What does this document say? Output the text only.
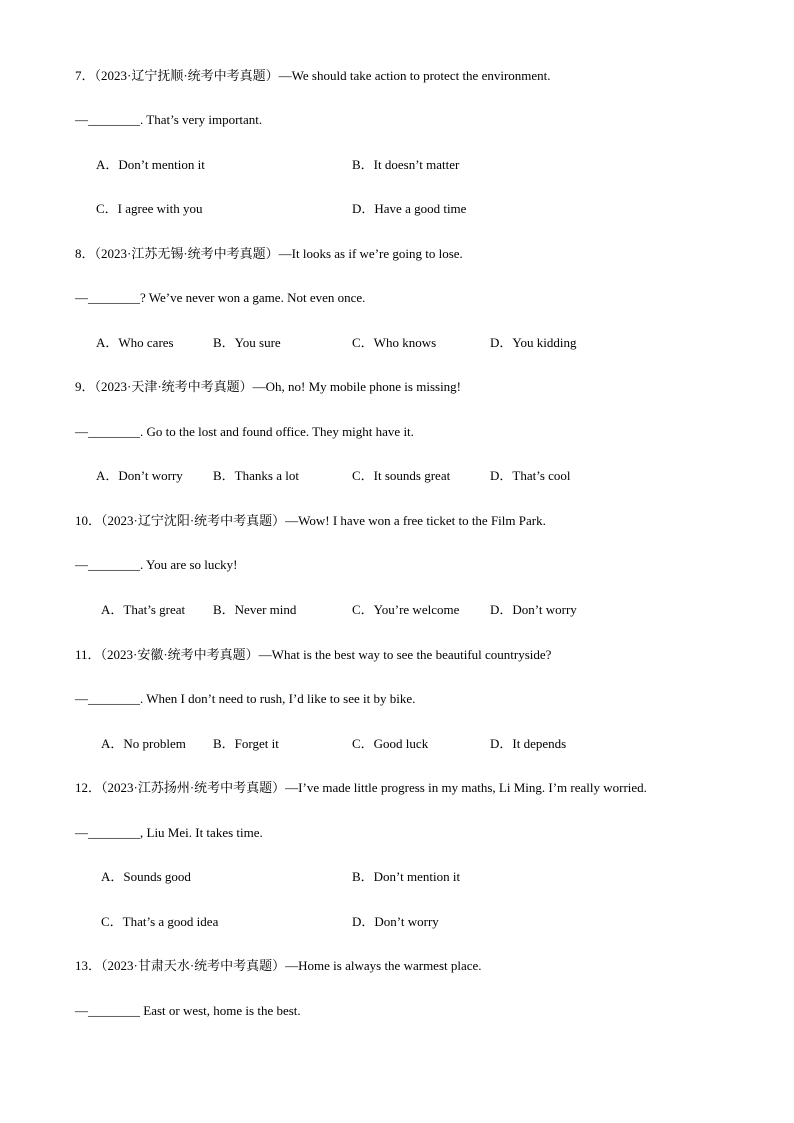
7．（2023·辽宁抚顺·统考中考真题）—We should take action to protect the environment.
—________. That’s very important.
A．Don’t mention it	B．It doesn’t matter
C．I agree with you	D．Have a good time
8．（2023·江苏无锡·统考中考真题）—It looks as if we’re going to lose.
—________? We’ve never won a game. Not even once.
A．Who cares	B．You sure	C．Who knows	D．You kidding
9．（2023·天津·统考中考真题）—Oh, no! My mobile phone is missing!
—________. Go to the lost and found office. They might have it.
A．Don’t worry B．Thanks a lot	C．It sounds great	D．That’s cool
10．（2023·辽宁沈阳·统考中考真题）—Wow! I have won a free ticket to the Film Park.
—________. You are so lucky!
A．That’s great B．Never mind	C．You’re welcome D．Don’t worry
11．（2023·安徽·统考中考真题）—What is the best way to see the beautiful countryside?
—________. When I don’t need to rush, I’d like to see it by bike.
A．No problem B．Forget it	C．Good luck	D．It depends
12．（2023·江苏扬州·统考中考真题）—I’ve made little progress in my maths, Li Ming. I’m really worried.
—________, Liu Mei. It takes time.
A．Sounds good	B．Don’t mention it
C．That’s a good idea	D．Don’t worry
13．（2023·甘肃天水·统考中考真题）—Home is always the warmest place.
—________ East or west, home is the best.
